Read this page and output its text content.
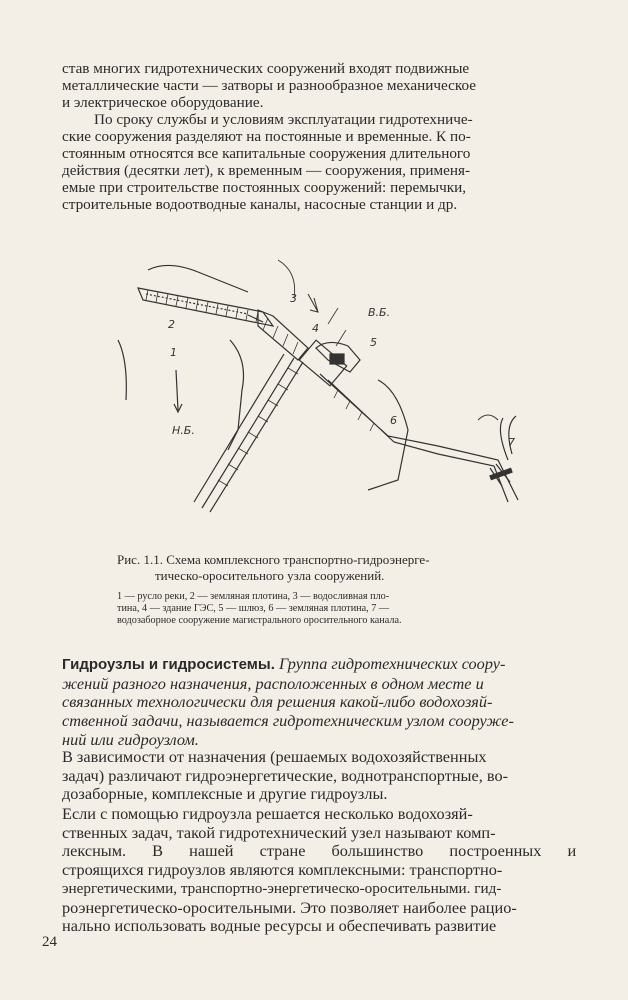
став многих гидротехнических сооружений входят подвижные
металлические части — затворы и разнообразное механическое
и электрическое оборудование.
По сроку службы и условиям эксплуатации гидротехниче-
ские сооружения разделяют на постоянные и временные. К по-
стоянным относятся все капитальные сооружения длительного
действия (десятки лет), к временным — сооружения, применя-
емые при строительстве постоянных сооружений: перемычки,
строительные водоотводные каналы, насосные станции и др.
1
2
3
4
5
6
7
В.Б.
Н.Б.
Рис. 1.1. Схема комплексного транспортно-гидроэнерге-
тическо-оросительного узла сооружений.
1 — русло реки, 2 — земляная плотина, 3 — водосливная пло-
тина, 4 — здание ГЭС, 5 — шлюз, 6 — земляная плотина, 7 —
водозаборное сооружение магистрального оросительного канала.
Гидроузлы и гидросистемы. Группа гидротехнических соору-
жений разного назначения, расположенных в одном месте и
связанных технологически для решения какой-либо водохозяй-
ственной задачи, называется гидротехническим узлом сооруже-
ний или гидроузлом.
В зависимости от назначения (решаемых водохозяйственных
задач) различают гидроэнергетические, воднотранспортные, во-
дозаборные, комплексные и другие гидроузлы.
Если с помощью гидроузла решается несколько водохозяй-
ственных задач, такой гидротехнический узел называют комп-
лексным. В нашей стране большинство построенных и
строящихся гидроузлов являются комплексными: транспортно-
энергетическими, транспортно-энергетическо-оросительными. гид-
роэнергетическо-оросительными. Это позволяет наиболее рацио-
нально использовать водные ресурсы и обеспечивать развитие
24
